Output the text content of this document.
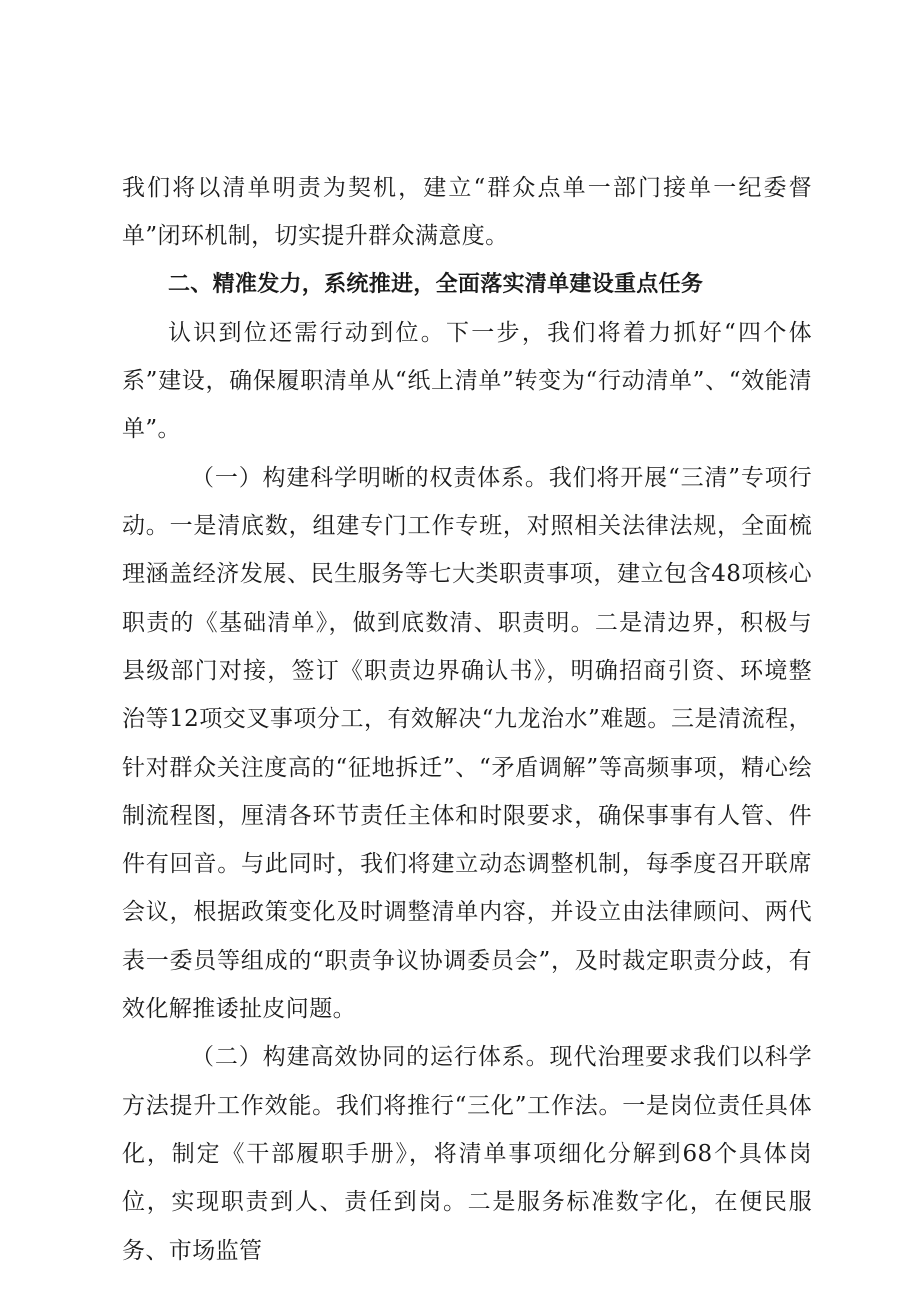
我们将以清单明责为契机，建立“群众点单一部门接单一纪委督单”闭环机制，切实提升群众满意度。

二、精准发力，系统推进，全面落实清单建设重点任务

认识到位还需行动到位。下一步，我们将着力抓好“四个体系”建设，确保履职清单从“纸上清单”转变为“行动清单”、“效能清单”。

（一）构建科学明晰的权责体系。我们将开展“三清”专项行动。一是清底数，组建专门工作专班，对照相关法律法规，全面梳理涵盖经济发展、民生服务等七大类职责事项，建立包含48项核心职责的《基础清单》，做到底数清、职责明。二是清边界，积极与县级部门对接，签订《职责边界确认书》，明确招商引资、环境整治等12项交叉事项分工，有效解决“九龙治水”难题。三是清流程，针对群众关注度高的“征地拆迁”、“矛盾调解”等高频事项，精心绘制流程图，厘清各环节责任主体和时限要求，确保事事有人管、件件有回音。与此同时，我们将建立动态调整机制，每季度召开联席会议，根据政策变化及时调整清单内容，并设立由法律顾问、两代表一委员等组成的“职责争议协调委员会”，及时裁定职责分歧，有效化解推诿扯皮问题。

（二）构建高效协同的运行体系。现代治理要求我们以科学方法提升工作效能。我们将推行“三化”工作法。一是岗位责任具体化，制定《干部履职手册》，将清单事项细化分解到68个具体岗位，实现职责到人、责任到岗。二是服务标准数字化，在便民服务、市场监管
